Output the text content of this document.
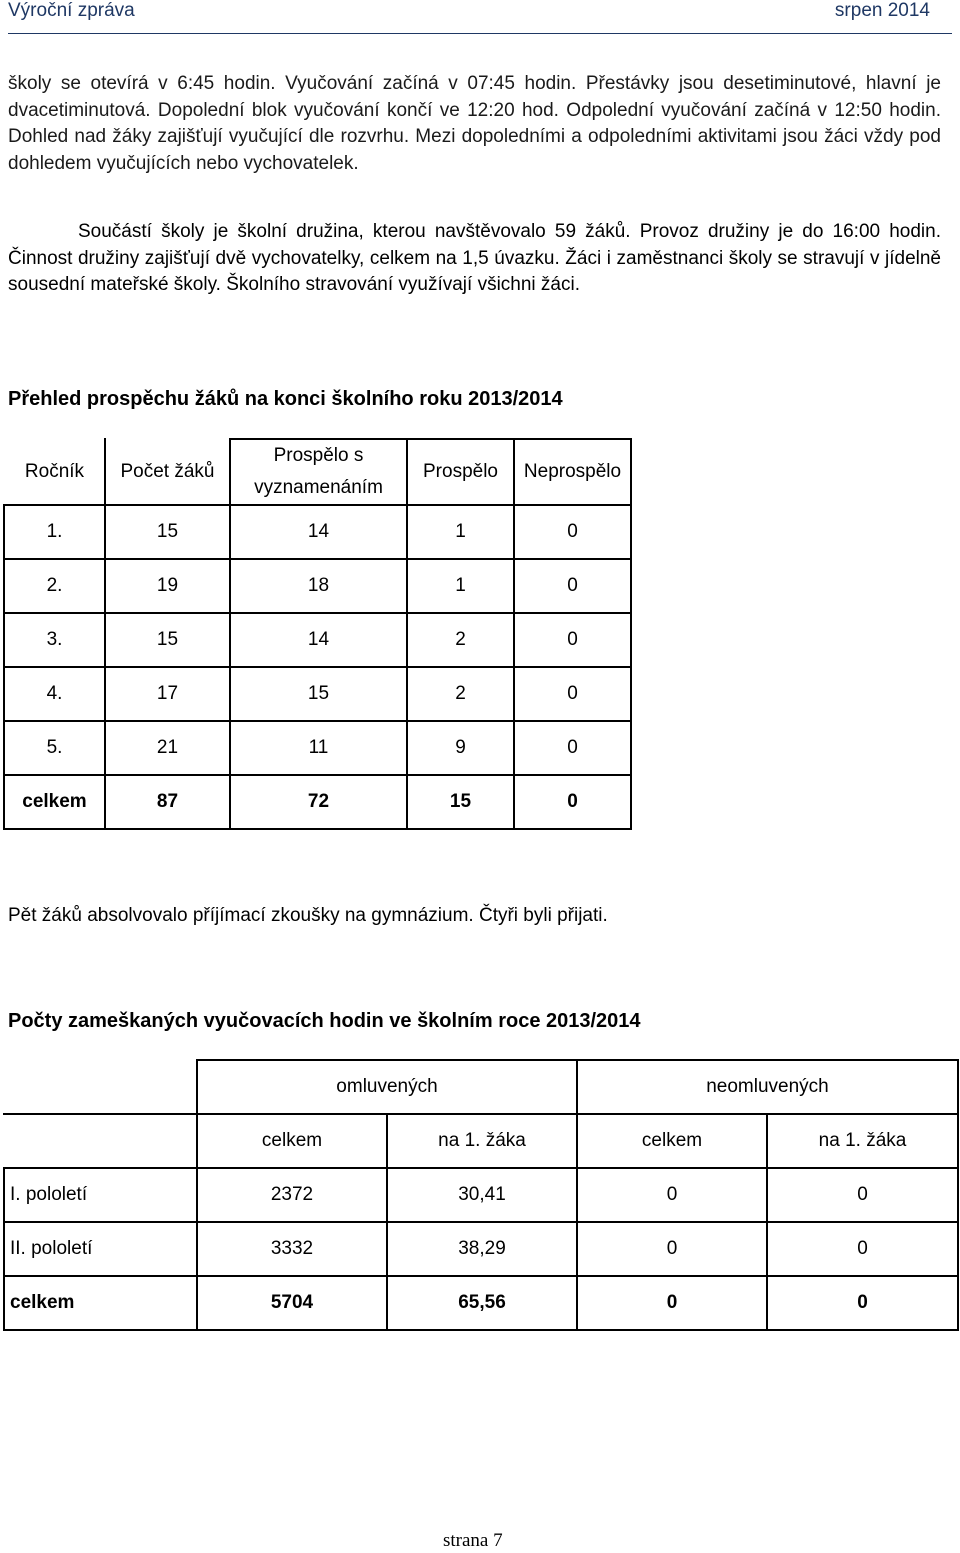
Výroční zpráva	srpen 2014

školy se otevírá v 6:45 hodin. Vyučování začíná v 07:45 hodin. Přestávky jsou desetiminutové, hlavní je dvacetiminutová. Dopolední blok vyučování končí ve 12:20 hod. Odpolední vyučování začíná v 12:50 hodin. Dohled nad žáky zajišťují vyučující dle rozvrhu. Mezi dopoledními a odpoledními aktivitami jsou žáci vždy pod dohledem vyučujících nebo vychovatelek.

Součástí školy je školní družina, kterou navštěvovalo 59 žáků. Provoz družiny je do 16:00 hodin. Činnost družiny zajišťují dvě vychovatelky, celkem na 1,5 úvazku. Žáci i zaměstnanci školy se stravují v jídelně sousední mateřské školy. Školního stravování využívají všichni žáci.

Přehled prospěchu žáků na konci školního roku 2013/2014
Ročník	Počet žáků	Prospělo s vyznamenáním	Prospělo	Neprospělo
1.	15	14	1	0
2.	19	18	1	0
3.	15	14	2	0
4.	17	15	2	0
5.	21	11	9	0
celkem	87	72	15	0

Pět žáků absolvovalo příjímací zkoušky na gymnázium. Čtyři byli přijati.

Počty zameškaných vyučovacích hodin ve školním roce 2013/2014
	omluvených		neomluvených	
	celkem	na 1. žáka	celkem	na 1. žáka
I. pololetí	2372	30,41	0	0
II. pololetí	3332	38,29	0	0
celkem	5704	65,56	0	0
strana 7
